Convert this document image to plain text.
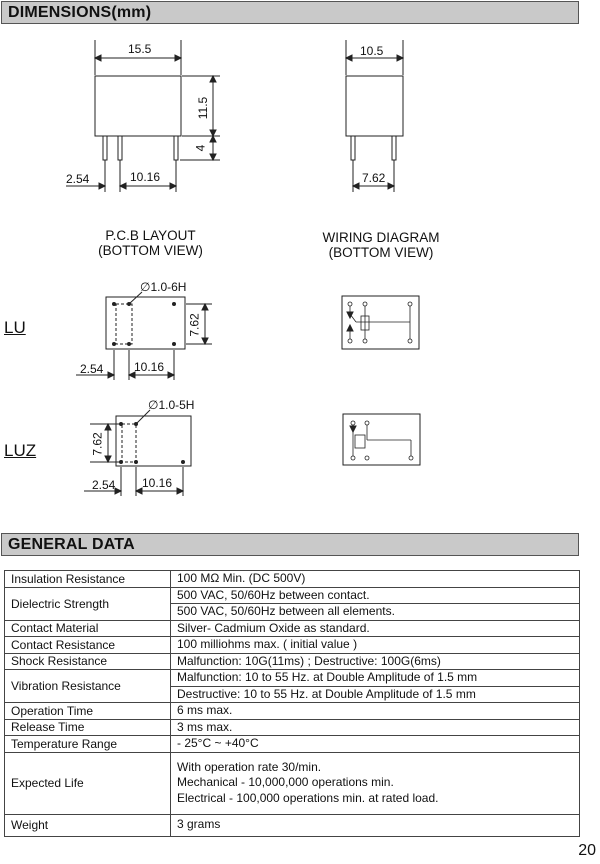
DIMENSIONS(mm)
15.5
11.5
4
2.54	10.16
10.5
7.62
P.C.B LAYOUT
(BOTTOM VIEW)
WIRING DIAGRAM
(BOTTOM VIEW)
LU
∅1.0-6H
7.62
2.54	10.16
LUZ
∅1.0-5H
7.62
2.54 10.16
GENERAL DATA
Insulation Resistance	100 MΩ Min. (DC 500V)
Dielectric Strength	500 VAC, 50/60Hz between contact.
500 VAC, 50/60Hz between all elements.

Contact Material	Silver- Cadmium Oxide as standard.
Contact Resistance	100 milliohms max. ( initial value )
Shock Resistance	Malfunction: 10G(11ms) ; Destructive: 100G(6ms)
Vibration Resistance	Malfunction: 10 to 55 Hz. at Double Amplitude of 1.5 mm
Destructive: 10 to 55 Hz. at Double Amplitude of 1.5 mm

Operation Time	6 ms max.
Release Time	3 ms max.
Temperature Range	- 25°C ~ +40°C
Expected Life	With operation rate 30/min.
Mechanical - 10,000,000 operations min.
Electrical - 100,000 operations min. at rated load.

Weight	3 grams
20
